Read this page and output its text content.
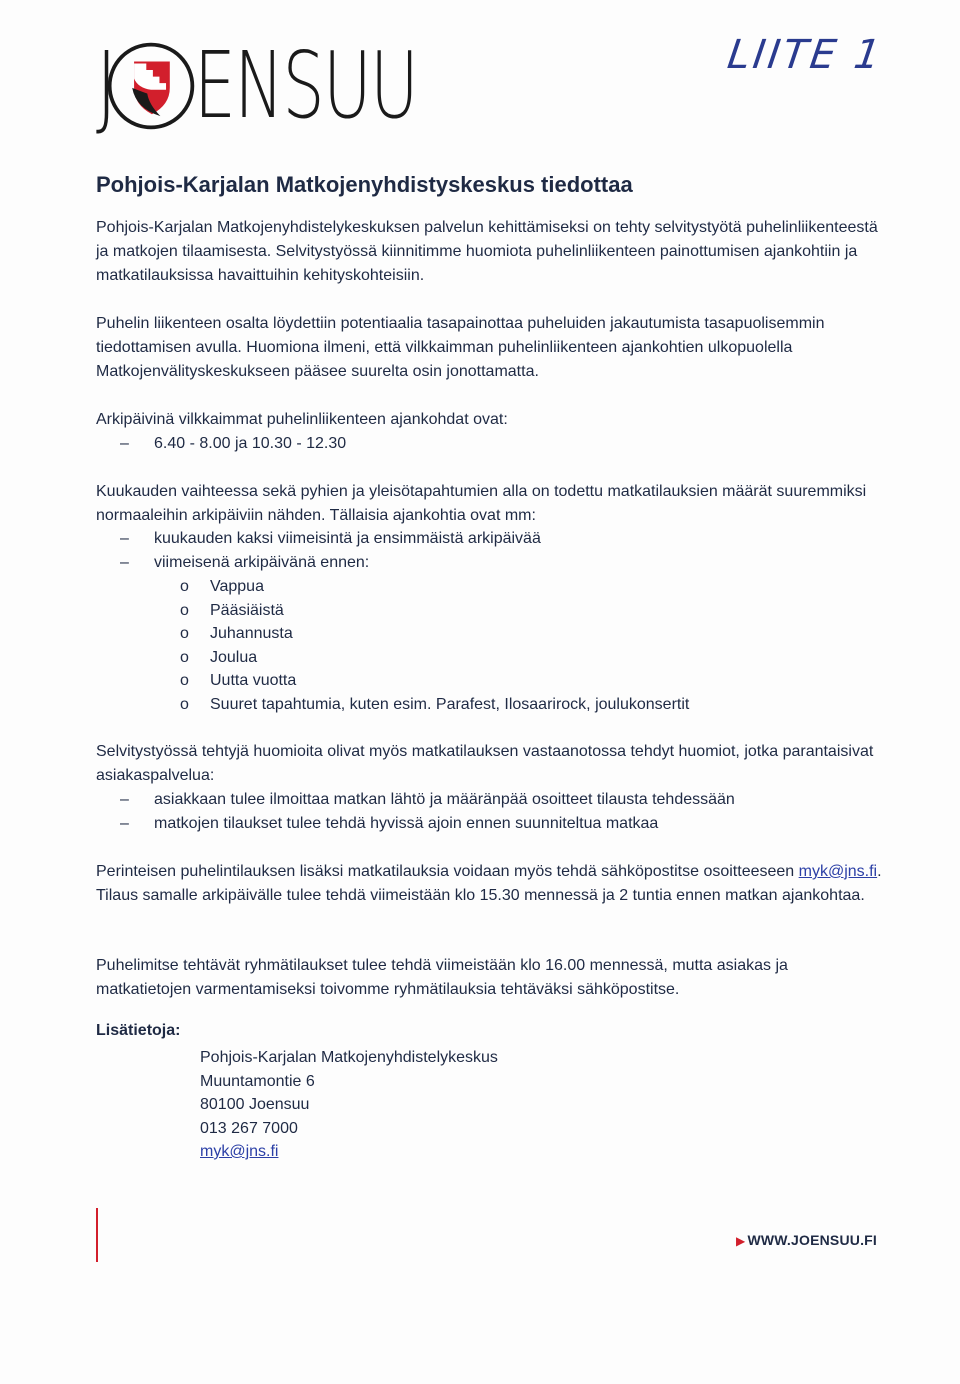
J ENSUU	LIITE 1
Pohjois-Karjalan Matkojenyhdistyskeskus tiedottaa

Pohjois-Karjalan Matkojenyhdistelykeskuksen palvelun kehittämiseksi on tehty selvitystyötä puhelinliikenteestä ja matkojen tilaamisesta. Selvitystyössä kiinnitimme huomiota puhelinliikenteen painottumisen ajankohtiin ja matkatilauksissa havaittuihin kehityskohteisiin.

Puhelin liikenteen osalta löydettiin potentiaalia tasapainottaa puheluiden jakautumista tasapuolisemmin tiedottamisen avulla. Huomiona ilmeni, että vilkkaimman puhelinliikenteen ajankohtien ulkopuolella Matkojenvälityskeskukseen pääsee suurelta osin jonottamatta.

Arkipäivinä vilkkaimmat puhelinliikenteen ajankohdat ovat:

– 6.40 - 8.00 ja 10.30 - 12.30

Kuukauden vaihteessa sekä pyhien ja yleisötapahtumien alla on todettu matkatilauksien määrät suuremmiksi normaaleihin arkipäiviin nähden. Tällaisia ajankohtia ovat mm:

– kuukauden kaksi viimeisintä ja ensimmäistä arkipäivää
– viimeisenä arkipäivänä ennen:
o Vappua
o Pääsiäistä
o Juhannusta
o Joulua
o Uutta vuotta
o Suuret tapahtumia, kuten esim. Parafest, Ilosaarirock, joulukonsertit

Selvitystyössä tehtyjä huomioita olivat myös matkatilauksen vastaanotossa tehdyt huomiot, jotka parantaisivat asiakaspalvelua:

– asiakkaan tulee ilmoittaa matkan lähtö ja määränpää osoitteet tilausta tehdessään
– matkojen tilaukset tulee tehdä hyvissä ajoin ennen suunniteltua matkaa

Perinteisen puhelintilauksen lisäksi matkatilauksia voidaan myös tehdä sähköpostitse osoitteeseen myk@jns.fi. Tilaus samalle arkipäivälle tulee tehdä viimeistään klo 15.30 mennessä ja 2 tuntia ennen matkan ajankohtaa.

Puhelimitse tehtävät ryhmätilaukset tulee tehdä viimeistään klo 16.00 mennessä, mutta asiakas ja matkatietojen varmentamiseksi toivomme ryhmätilauksia tehtäväksi sähköpostitse.

Lisätietoja:
Pohjois-Karjalan Matkojenyhdistelykeskus
Muuntamontie 6
80100 Joensuu
013 267 7000
myk@jns.fi
▶ WWW.JOENSUU.FI
